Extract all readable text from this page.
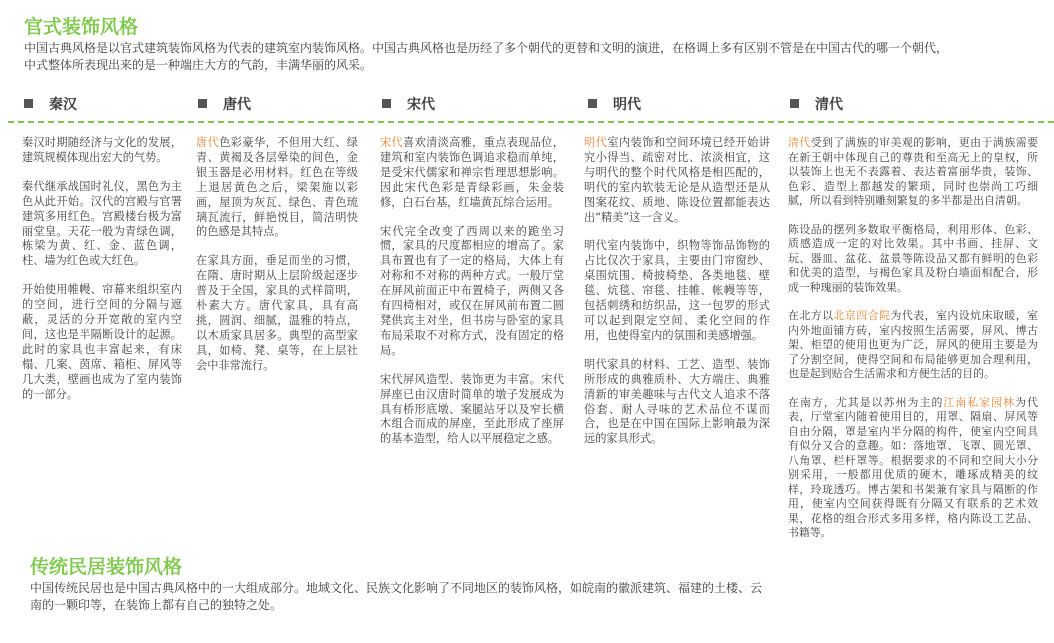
官式装饰风格
中国古典风格是以官式建筑装饰风格为代表的建筑室内装饰风格。中国古典风格也是历经了多个朝代的更替和文明的演进，在格调上多有区别不管是在中国古代的哪一个朝代，中式整体所表现出来的是一种端庄大方的气韵，丰满华丽的风采。
秦汉	唐代	宋代	明代	清代

秦汉时期随经济与文化的发展，建筑规模体现出宏大的气势。

秦代继承战国时礼仪，黑色为主色从此开始。汉代的宫殿与官署建筑多用红色。宫殿楼台极为富丽堂皇。天花一般为青绿色调，栋梁为黄、红、金、蓝色调，柱、墙为红色或大红色。

开始使用帷幔、帘幕来组织室内的空间，进行空间的分隔与遮蔽，灵活的分开宽敞的室内空间，这也是半隔断设计的起源。此时的家具也丰富起来，有床榻、几案、茵席、箱柜、屏风等几大类，壁画也成为了室内装饰的一部分。

唐代色彩豪华，不但用大红、绿青、黄褐及各层晕染的间色，金银玉器是必用材料。红色在等级上退居黄色之后，梁架施以彩画，屋顶为灰瓦、绿色、青色琉璃瓦流行，鲜艳悦目，简洁明快的色感是其特点。

在家具方面，垂足而坐的习惯，在隋、唐时期从上层阶级起逐步普及于全国，家具的式样简明，朴素大方。唐代家具，具有高挑，圆润、细腻，温雅的特点，以木质家具居多。典型的高型家具，如椅、凳、桌等，在上层社会中非常流行。

宋代喜欢清淡高雅，重点表现品位，建筑和室内装饰色调追求稳而单纯，是受宋代儒家和禅宗哲理思想影响。因此宋代色彩是青绿彩画，朱金装修，白石台基，红墙黄瓦综合运用。

宋代完全改变了西周以来的跪坐习惯，家具的尺度都相应的增高了。家具布置也有了一定的格局，大体上有对称和不对称的两种方式。一般厅堂在屏风前面正中布置椅子，两侧又各有四椅相对，或仅在屏风前布置二圆凳供宾主对坐，但书房与卧室的家具布局采取不对称方式，没有固定的格局。

宋代屏风造型、装饰更为丰富。宋代屏座已由汉唐时简单的墩子发展成为具有桥形底墩、案腿站牙以及窄长横木组合而成的屏座，至此形成了座屏的基本造型，给人以平展稳定之感。

明代室内装饰和空间环境已经开始讲究小得当、疏密对比、浓淡相宜，这与明代的整个时代风格是相匹配的，明代的室内软装无论是从造型还是从图案花纹、质地、陈设位置都能表达出“精美”这一含义。

明代室内装饰中，织物等饰品饰物的占比仅次于家具，主要由门帘窗纱、桌围炕围、椅披椅垫、各类地毯、壁毯、炕毯、帘毯、挂帷、帐幔等等，包括刺绣和纺织品，这一包罗的形式可以起到限定空间、柔化空间的作用，也使得室内的氛围和美感增强。

明代家具的材料、工艺、造型、装饰所形成的典雅质朴、大方端庄、典雅清新的审美趣味与古代文人追求不落俗套、耐人寻味的艺术品位不谋而合，也是在中国在国际上影响最为深远的家具形式。

清代受到了满族的审美观的影响，更由于满族需要在新王朝中体现自己的尊贵和至高无上的皇权，所以装饰上也无不表露着、表达着富丽华贵，装饰、色彩、造型上都越发的繁琐，同时也崇尚工巧细腻，所以看到特别雕刻繁复的多半都是出自清朝。

陈设品的摆列多数取平衡格局，利用形体、色彩、质感造成一定的对比效果。其中书画、挂屏、文玩、器皿、盆花、盆景等陈设品又都有鲜明的色彩和优美的造型，与褐色家具及粉白墙面相配合，形成一种瑰丽的装饰效果。

在北方以北京四合院为代表，室内设炕床取暖，室内外地面铺方砖，室内按照生活需要，屏风、博古架、柜望的使用也更为广泛，屏风的使用主要是为了分割空间，使得空间和布局能够更加合理利用，也是起到贴合生活需求和方便生活的目的。

在南方，尤其是以苏州为主的江南私家园林为代表，厅堂室内随着使用目的，用罩、隔扇、屏风等自由分隔，罩是室内半分隔的构件，使室内空间具有似分又合的意趣。如：落地罩、飞罩、圆光罩、八角罩、栏杆罩等。根据要求的不同和空间大小分别采用，一般都用优质的硬木，雕琢成精美的纹样，玲珑透巧。博古架和书架兼有家具与隔断的作用，使室内空间获得既有分隔又有联系的艺术效果，花格的组合形式多用多样，格内陈设工艺品、书籍等。

传统民居装饰风格
中国传统民居也是中国古典风格中的一大组成部分。地域文化、民族文化影响了不同地区的装饰风格，如皖南的徽派建筑、福建的土楼、云南的一颗印等，在装饰上都有自己的独特之处。
